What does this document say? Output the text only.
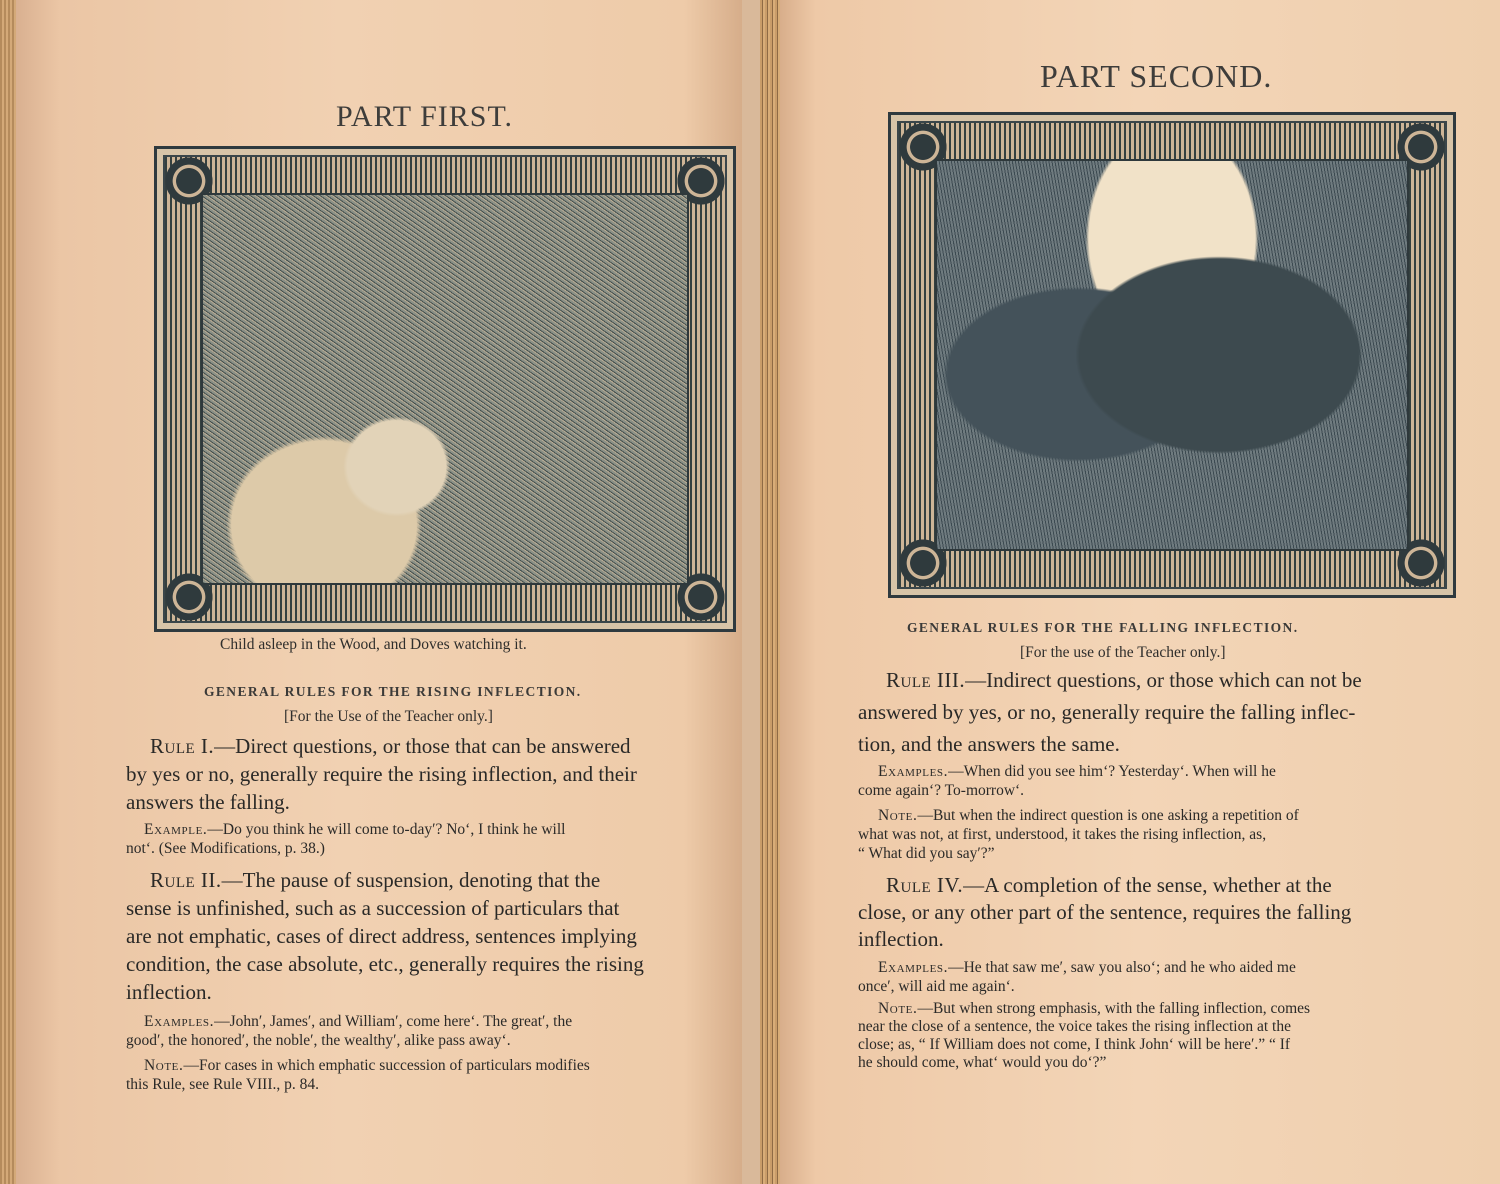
PART FIRST.

Child asleep in the Wood, and Doves watching it.

GENERAL RULES FOR THE RISING INFLECTION.

[For the Use of the Teacher only.]

Rule I.—Direct questions, or those that can be answered
by yes or no, generally require the rising inflection, and their
answers the falling.
Example.—Do you think he will come to-day′? No‘, I think he will
not‘. (See Modifications, p. 38.)
Rule II.—The pause of suspension, denoting that the
sense is unfinished, such as a succession of particulars that
are not emphatic, cases of direct address, sentences implying
condition, the case absolute, etc., generally requires the rising
inflection.
Examples.—John′, James′, and William′, come here‘. The great′, the
good′, the honored′, the noble′, the wealthy′, alike pass away‘.
Note.—For cases in which emphatic succession of particulars modifies
this Rule, see Rule VIII., p. 84.
PART SECOND.

GENERAL RULES FOR THE FALLING INFLECTION.

[For the use of the Teacher only.]

Rule III.—Indirect questions, or those which can not be
answered by yes, or no, generally require the falling inflec-
tion, and the answers the same.
Examples.—When did you see him‘? Yesterday‘. When will he
come again‘? To-morrow‘.
Note.—But when the indirect question is one asking a repetition of
what was not, at first, understood, it takes the rising inflection, as,
“ What did you say′?”
Rule IV.—A completion of the sense, whether at the
close, or any other part of the sentence, requires the falling
inflection.
Examples.—He that saw me′, saw you also‘; and he who aided me
once′, will aid me again‘.
Note.—But when strong emphasis, with the falling inflection, comes
near the close of a sentence, the voice takes the rising inflection at the
close; as, “ If William does not come, I think John‘ will be here′.” “ If
he should come, what‘ would you do‘?”
